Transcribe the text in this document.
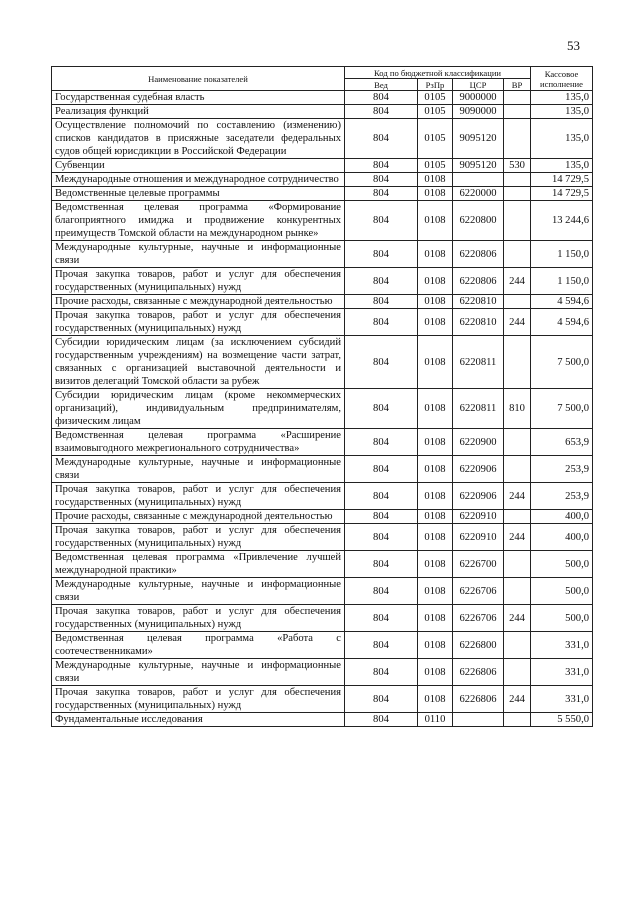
53
Наименование показателей	Код по бюджетной классификации				Кассовое исполнение
	Вед	РзПр	ЦСР	ВР	
Государственная судебная власть	804	0105	9000000		135,0
Реализация функций	804	0105	9090000		135,0
Осуществление полномочий по составлению (изменению) списков кандидатов в присяжные заседатели федеральных судов общей юрисдикции в Российской Федерации	804	0105	9095120		135,0
Субвенции	804	0105	9095120	530	135,0
Международные отношения и международное сотрудничество	804	0108			14 729,5
Ведомственные целевые программы	804	0108	6220000		14 729,5
Ведомственная целевая программа «Формирование благоприятного имиджа и продвижение конкурентных преимуществ Томской области на международном рынке»	804	0108	6220800		13 244,6
Международные культурные, научные и информационные связи	804	0108	6220806		1 150,0
Прочая закупка товаров, работ и услуг для обеспечения государственных (муниципальных) нужд	804	0108	6220806	244	1 150,0
Прочие расходы, связанные с международной деятельностью	804	0108	6220810		4 594,6
Прочая закупка товаров, работ и услуг для обеспечения государственных (муниципальных) нужд	804	0108	6220810	244	4 594,6
Субсидии юридическим лицам (за исключением субсидий государственным учреждениям) на возмещение части затрат, связанных с организацией выставочной деятельности и визитов делегаций Томской области за рубеж	804	0108	6220811		7 500,0
Субсидии юридическим лицам (кроме некоммерческих организаций), индивидуальным предпринимателям, физическим лицам	804	0108	6220811	810	7 500,0
Ведомственная целевая программа «Расширение взаимовыгодного межрегионального сотрудничества»	804	0108	6220900		653,9
Международные культурные, научные и информационные связи	804	0108	6220906		253,9
Прочая закупка товаров, работ и услуг для обеспечения государственных (муниципальных) нужд	804	0108	6220906	244	253,9
Прочие расходы, связанные с международной деятельностью	804	0108	6220910		400,0
Прочая закупка товаров, работ и услуг для обеспечения государственных (муниципальных) нужд	804	0108	6220910	244	400,0
Ведомственная целевая программа «Привлечение лучшей международной практики»	804	0108	6226700		500,0
Международные культурные, научные и информационные связи	804	0108	6226706		500,0
Прочая закупка товаров, работ и услуг для обеспечения государственных (муниципальных) нужд	804	0108	6226706	244	500,0
Ведомственная целевая программа «Работа с соотечественниками»	804	0108	6226800		331,0
Международные культурные, научные и информационные связи	804	0108	6226806		331,0
Прочая закупка товаров, работ и услуг для обеспечения государственных (муниципальных) нужд	804	0108	6226806	244	331,0
Фундаментальные исследования	804	0110			5 550,0
